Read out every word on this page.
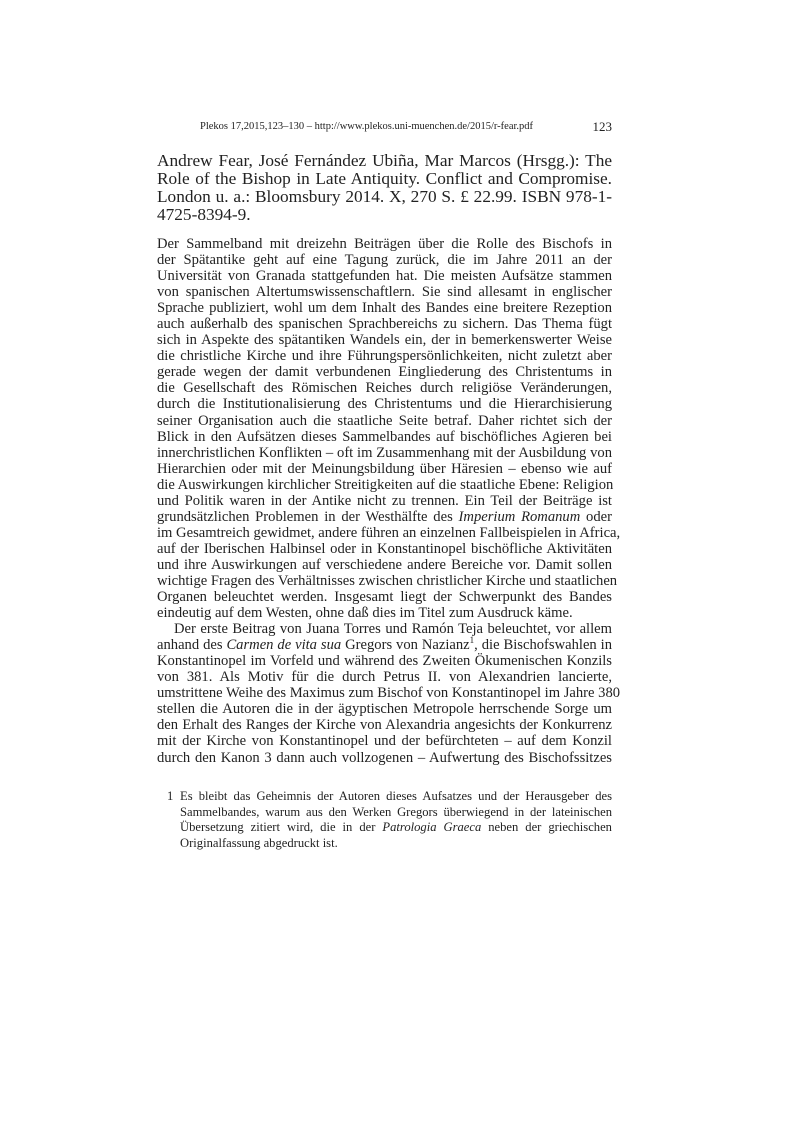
Plekos 17,2015,123–130 – http://www.plekos.uni-muenchen.de/2015/r-fear.pdf	123
Andrew Fear, José Fernández Ubiña, Mar Marcos (Hrsgg.): The
Role of the Bishop in Late Antiquity. Conflict and Compromise.
London u. a.: Bloomsbury 2014. X, 270 S. £ 22.99. ISBN 978-1-
4725-8394-9.
Der Sammelband mit dreizehn Beiträgen über die Rolle des Bischofs in
der Spätantike geht auf eine Tagung zurück, die im Jahre 2011 an der
Universität von Granada stattgefunden hat. Die meisten Aufsätze stammen
von spanischen Altertumswissenschaftlern. Sie sind allesamt in englischer
Sprache publiziert, wohl um dem Inhalt des Bandes eine breitere Rezeption
auch außerhalb des spanischen Sprachbereichs zu sichern. Das Thema fügt
sich in Aspekte des spätantiken Wandels ein, der in bemerkenswerter Weise
die christliche Kirche und ihre Führungspersönlichkeiten, nicht zuletzt aber
gerade wegen der damit verbundenen Eingliederung des Christentums in
die Gesellschaft des Römischen Reiches durch religiöse Veränderungen,
durch die Institutionalisierung des Christentums und die Hierarchisierung
seiner Organisation auch die staatliche Seite betraf. Daher richtet sich der
Blick in den Aufsätzen dieses Sammelbandes auf bischöfliches Agieren bei
innerchristlichen Konflikten – oft im Zusammenhang mit der Ausbildung von
Hierarchien oder mit der Meinungsbildung über Häresien – ebenso wie auf
die Auswirkungen kirchlicher Streitigkeiten auf die staatliche Ebene: Religion
und Politik waren in der Antike nicht zu trennen. Ein Teil der Beiträge ist
grundsätzlichen Problemen in der Westhälfte des Imperium Romanum oder
im Gesamtreich gewidmet, andere führen an einzelnen Fallbeispielen in Africa,
auf der Iberischen Halbinsel oder in Konstantinopel bischöfliche Aktivitäten
und ihre Auswirkungen auf verschiedene andere Bereiche vor. Damit sollen
wichtige Fragen des Verhältnisses zwischen christlicher Kirche und staatlichen
Organen beleuchtet werden. Insgesamt liegt der Schwerpunkt des Bandes
eindeutig auf dem Westen, ohne daß dies im Titel zum Ausdruck käme.
Der erste Beitrag von Juana Torres und Ramón Teja beleuchtet, vor allem
anhand des Carmen de vita sua Gregors von Nazianz$^1$, die Bischofswahlen in
Konstantinopel im Vorfeld und während des Zweiten Ökumenischen Konzils
von 381. Als Motiv für die durch Petrus II. von Alexandrien lancierte,
umstrittene Weihe des Maximus zum Bischof von Konstantinopel im Jahre 380
stellen die Autoren die in der ägyptischen Metropole herrschende Sorge um
den Erhalt des Ranges der Kirche von Alexandria angesichts der Konkurrenz
mit der Kirche von Konstantinopel und der befürchteten – auf dem Konzil
durch den Kanon 3 dann auch vollzogenen – Aufwertung des Bischofssitzes
1 Es bleibt das Geheimnis der Autoren dieses Aufsatzes und der Herausgeber des
Sammelbandes, warum aus den Werken Gregors überwiegend in der lateinischen
Übersetzung zitiert wird, die in der Patrologia Graeca neben der griechischen
Originalfassung abgedruckt ist.
